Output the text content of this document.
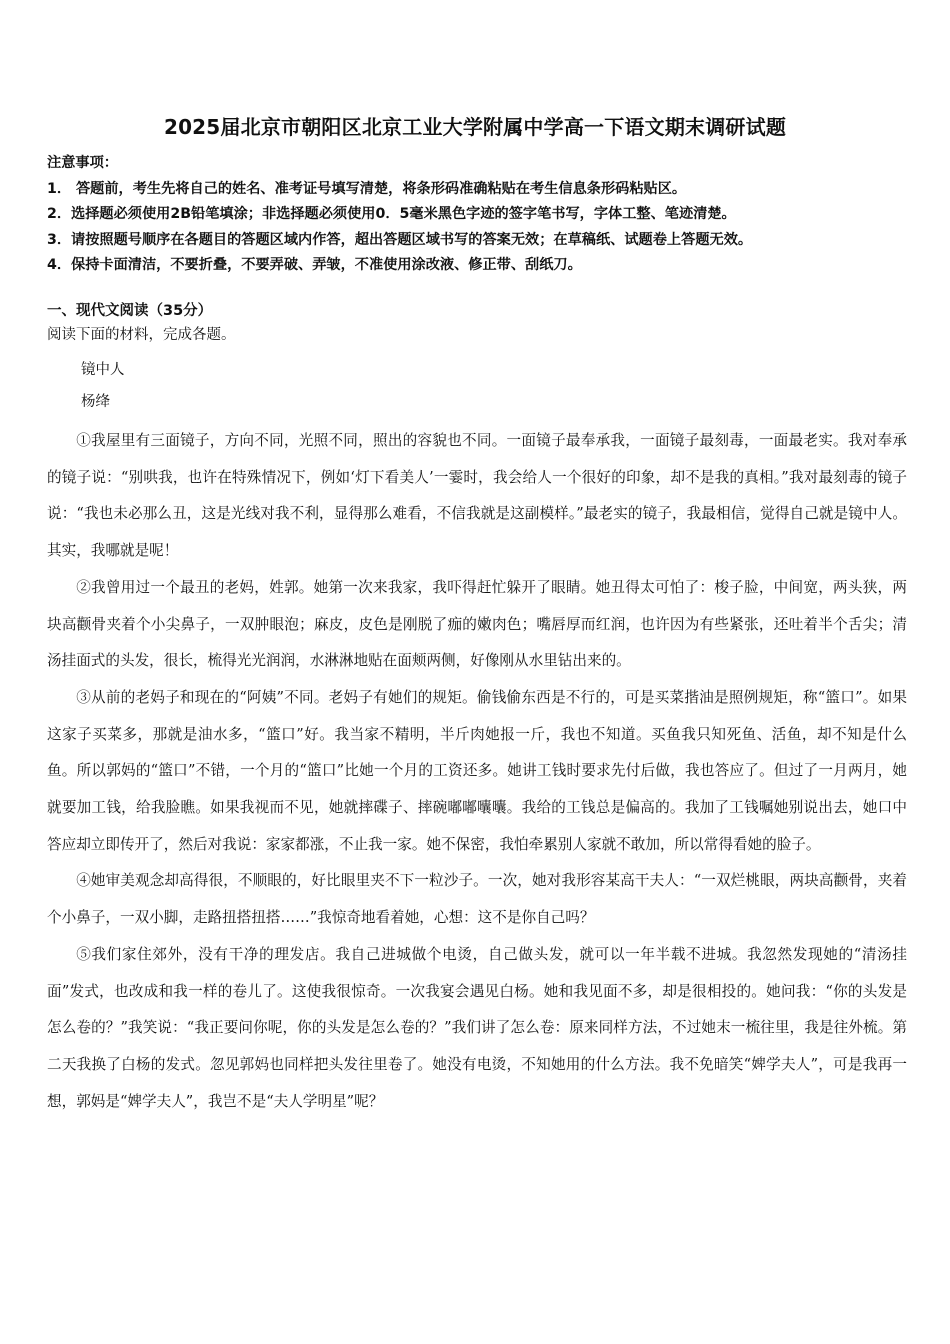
2025届北京市朝阳区北京工业大学附属中学高一下语文期末调研试题
注意事项：
1． 答题前，考生先将自己的姓名、准考证号填写清楚，将条形码准确粘贴在考生信息条形码粘贴区。
2．选择题必须使用2B铅笔填涂；非选择题必须使用0．5毫米黑色字迹的签字笔书写，字体工整、笔迹清楚。
3．请按照题号顺序在各题目的答题区域内作答，超出答题区域书写的答案无效；在草稿纸、试题卷上答题无效。
4．保持卡面清洁，不要折叠，不要弄破、弄皱，不准使用涂改液、修正带、刮纸刀。
一、现代文阅读（35分）
阅读下面的材料，完成各题。
镜中人
杨绛

①我屋里有三面镜子，方向不同，光照不同，照出的容貌也不同。一面镜子最奉承我，一面镜子最刻毒，一面最老实。我对奉承的镜子说：“别哄我，也许在特殊情况下，例如‘灯下看美人’一霎时，我会给人一个很好的印象，却不是我的真相。”我对最刻毒的镜子说：“我也未必那么丑，这是光线对我不利，显得那么难看，不信我就是这副模样。”最老实的镜子，我最相信，觉得自己就是镜中人。其实，我哪就是呢！

②我曾用过一个最丑的老妈，姓郭。她第一次来我家，我吓得赶忙躲开了眼睛。她丑得太可怕了：梭子脸，中间宽，两头狭，两块高颧骨夹着个小尖鼻子，一双肿眼泡；麻皮，皮色是刚脱了痂的嫩肉色；嘴唇厚而红润，也许因为有些紧张，还吐着半个舌尖；清汤挂面式的头发，很长，梳得光光润润，水淋淋地贴在面颊两侧，好像刚从水里钻出来的。

③从前的老妈子和现在的“阿姨”不同。老妈子有她们的规矩。偷钱偷东西是不行的，可是买菜揩油是照例规矩，称“篮口”。如果这家子买菜多，那就是油水多，“篮口”好。我当家不精明，半斤肉她报一斤，我也不知道。买鱼我只知死鱼、活鱼，却不知是什么鱼。所以郭妈的“篮口”不错，一个月的“篮口”比她一个月的工资还多。她讲工钱时要求先付后做，我也答应了。但过了一月两月，她就要加工钱，给我脸瞧。如果我视而不见，她就摔碟子、摔碗嘟嘟囔囔。我给的工钱总是偏高的。我加了工钱嘱她别说出去，她口中答应却立即传开了，然后对我说：家家都涨，不止我一家。她不保密，我怕牵累别人家就不敢加，所以常得看她的脸子。

④她审美观念却高得很，不顺眼的，好比眼里夹不下一粒沙子。一次，她对我形容某高干夫人：“一双烂桃眼，两块高颧骨，夹着个小鼻子，一双小脚，走路扭搭扭搭……”我惊奇地看着她，心想：这不是你自己吗？

⑤我们家住郊外，没有干净的理发店。我自己进城做个电烫，自己做头发，就可以一年半载不进城。我忽然发现她的“清汤挂面”发式，也改成和我一样的卷儿了。这使我很惊奇。一次我宴会遇见白杨。她和我见面不多，却是很相投的。她问我：“你的头发是怎么卷的？”我笑说：“我正要问你呢，你的头发是怎么卷的？”我们讲了怎么卷：原来同样方法，不过她末一梳往里，我是往外梳。第二天我换了白杨的发式。忽见郭妈也同样把头发往里卷了。她没有电烫，不知她用的什么方法。我不免暗笑“婢学夫人”，可是我再一想，郭妈是“婢学夫人”，我岂不是“夫人学明星”呢？
